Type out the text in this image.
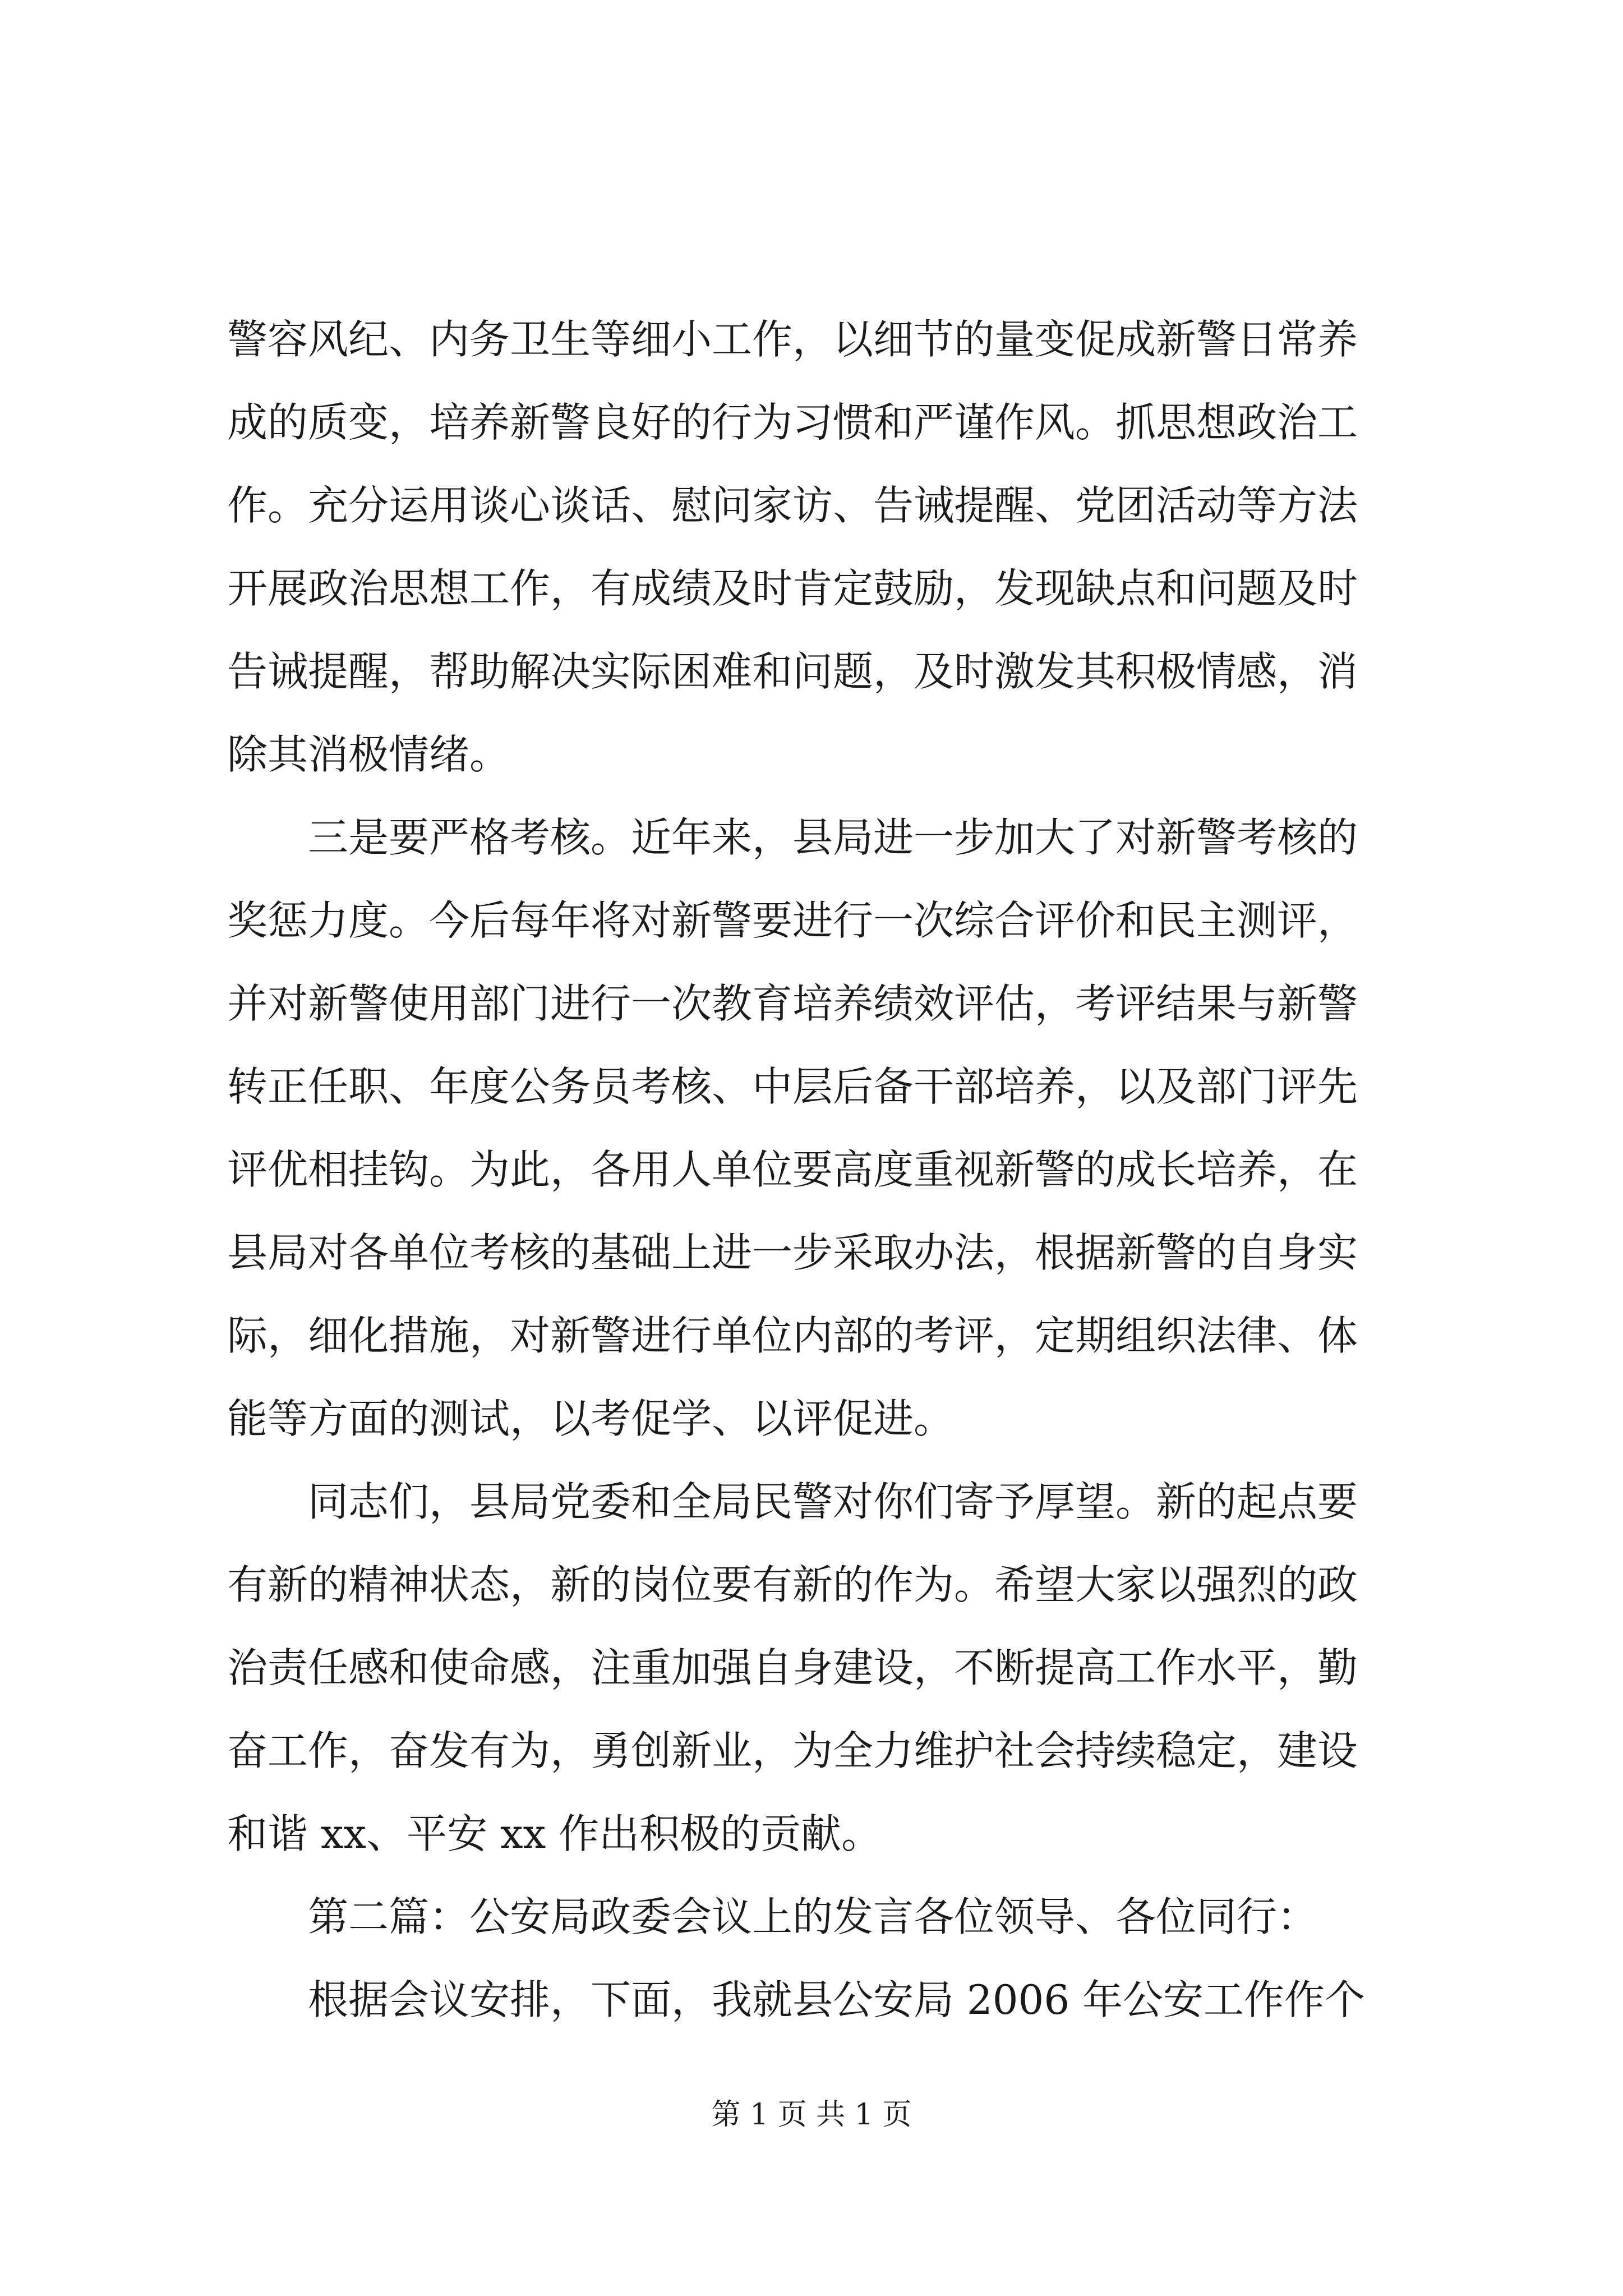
警容风纪、内务卫生等细小工作，以细节的量变促成新警日常养
成的质变，培养新警良好的行为习惯和严谨作风。抓思想政治工
作。充分运用谈心谈话、慰问家访、告诫提醒、党团活动等方法
开展政治思想工作，有成绩及时肯定鼓励，发现缺点和问题及时
告诫提醒，帮助解决实际困难和问题，及时激发其积极情感，消
除其消极情绪。
三是要严格考核。近年来，县局进一步加大了对新警考核的
奖惩力度。今后每年将对新警要进行一次综合评价和民主测评，
并对新警使用部门进行一次教育培养绩效评估，考评结果与新警
转正任职、年度公务员考核、中层后备干部培养，以及部门评先
评优相挂钩。为此，各用人单位要高度重视新警的成长培养，在
县局对各单位考核的基础上进一步采取办法，根据新警的自身实
际，细化措施，对新警进行单位内部的考评，定期组织法律、体
能等方面的测试，以考促学、以评促进。
同志们，县局党委和全局民警对你们寄予厚望。新的起点要
有新的精神状态，新的岗位要有新的作为。希望大家以强烈的政
治责任感和使命感，注重加强自身建设，不断提高工作水平，勤
奋工作，奋发有为，勇创新业，为全力维护社会持续稳定，建设
和谐 xx、平安 xx 作出积极的贡献。
第二篇：公安局政委会议上的发言各位领导、各位同行：
根据会议安排，下面，我就县公安局 2006 年公安工作作个
第 1 页 共 1 页
